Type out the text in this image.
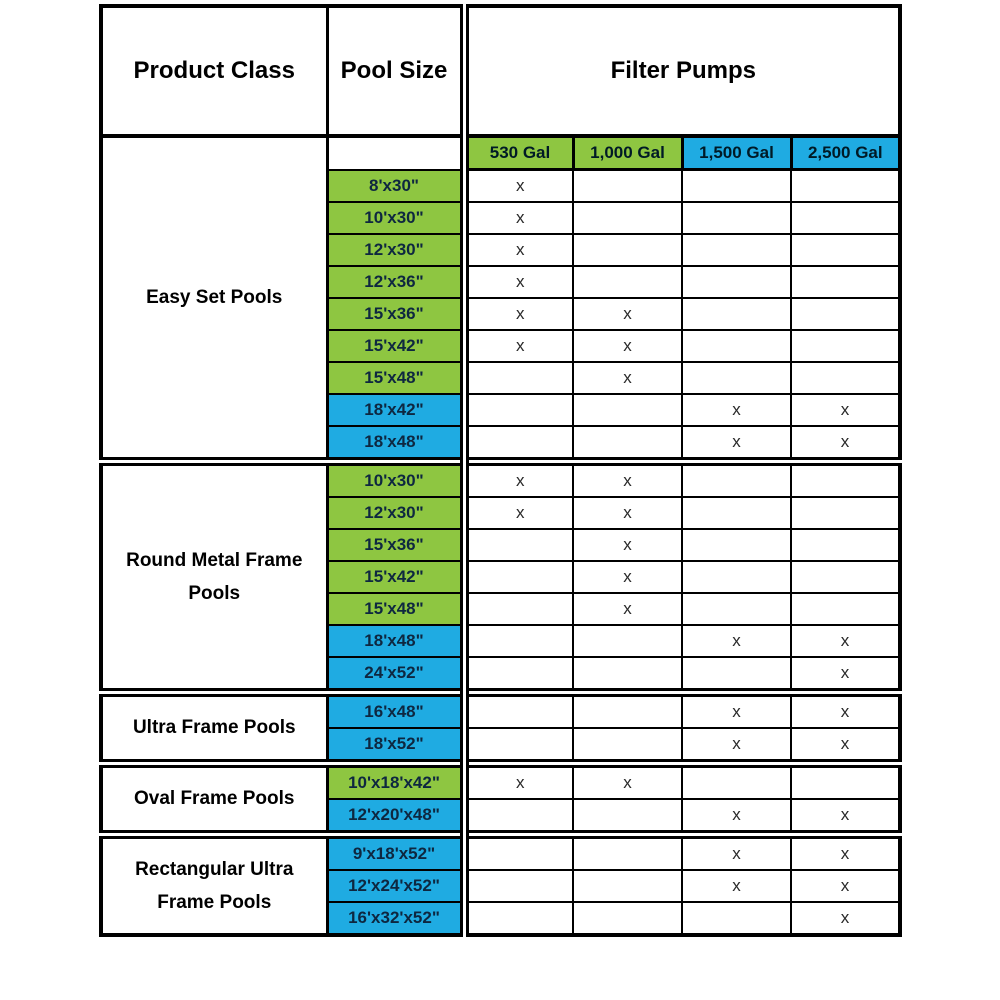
Product Class	Pool Size	Filter Pumps			
Easy Set Pools		530 Gal	1,000 Gal	1,500 Gal	2,500 Gal
	8'x30"	x			
	10'x30"	x			
	12'x30"	x			
	12'x36"	x			
	15'x36"	x	x		
	15'x42"	x	x		
	15'x48"		x		
	18'x42"			x	x
	18'x48"			x	x
Round Metal Frame Pools	10'x30"	x	x		
	12'x30"	x	x		
	15'x36"		x		
	15'x42"		x		
	15'x48"		x		
	18'x48"			x	x
	24'x52"				x
Ultra Frame Pools	16'x48"			x	x
	18'x52"			x	x
Oval Frame Pools	10'x18'x42"	x	x		
	12'x20'x48"			x	x
Rectangular Ultra Frame Pools	9'x18'x52"			x	x
	12'x24'x52"			x	x
	16'x32'x52"				x
